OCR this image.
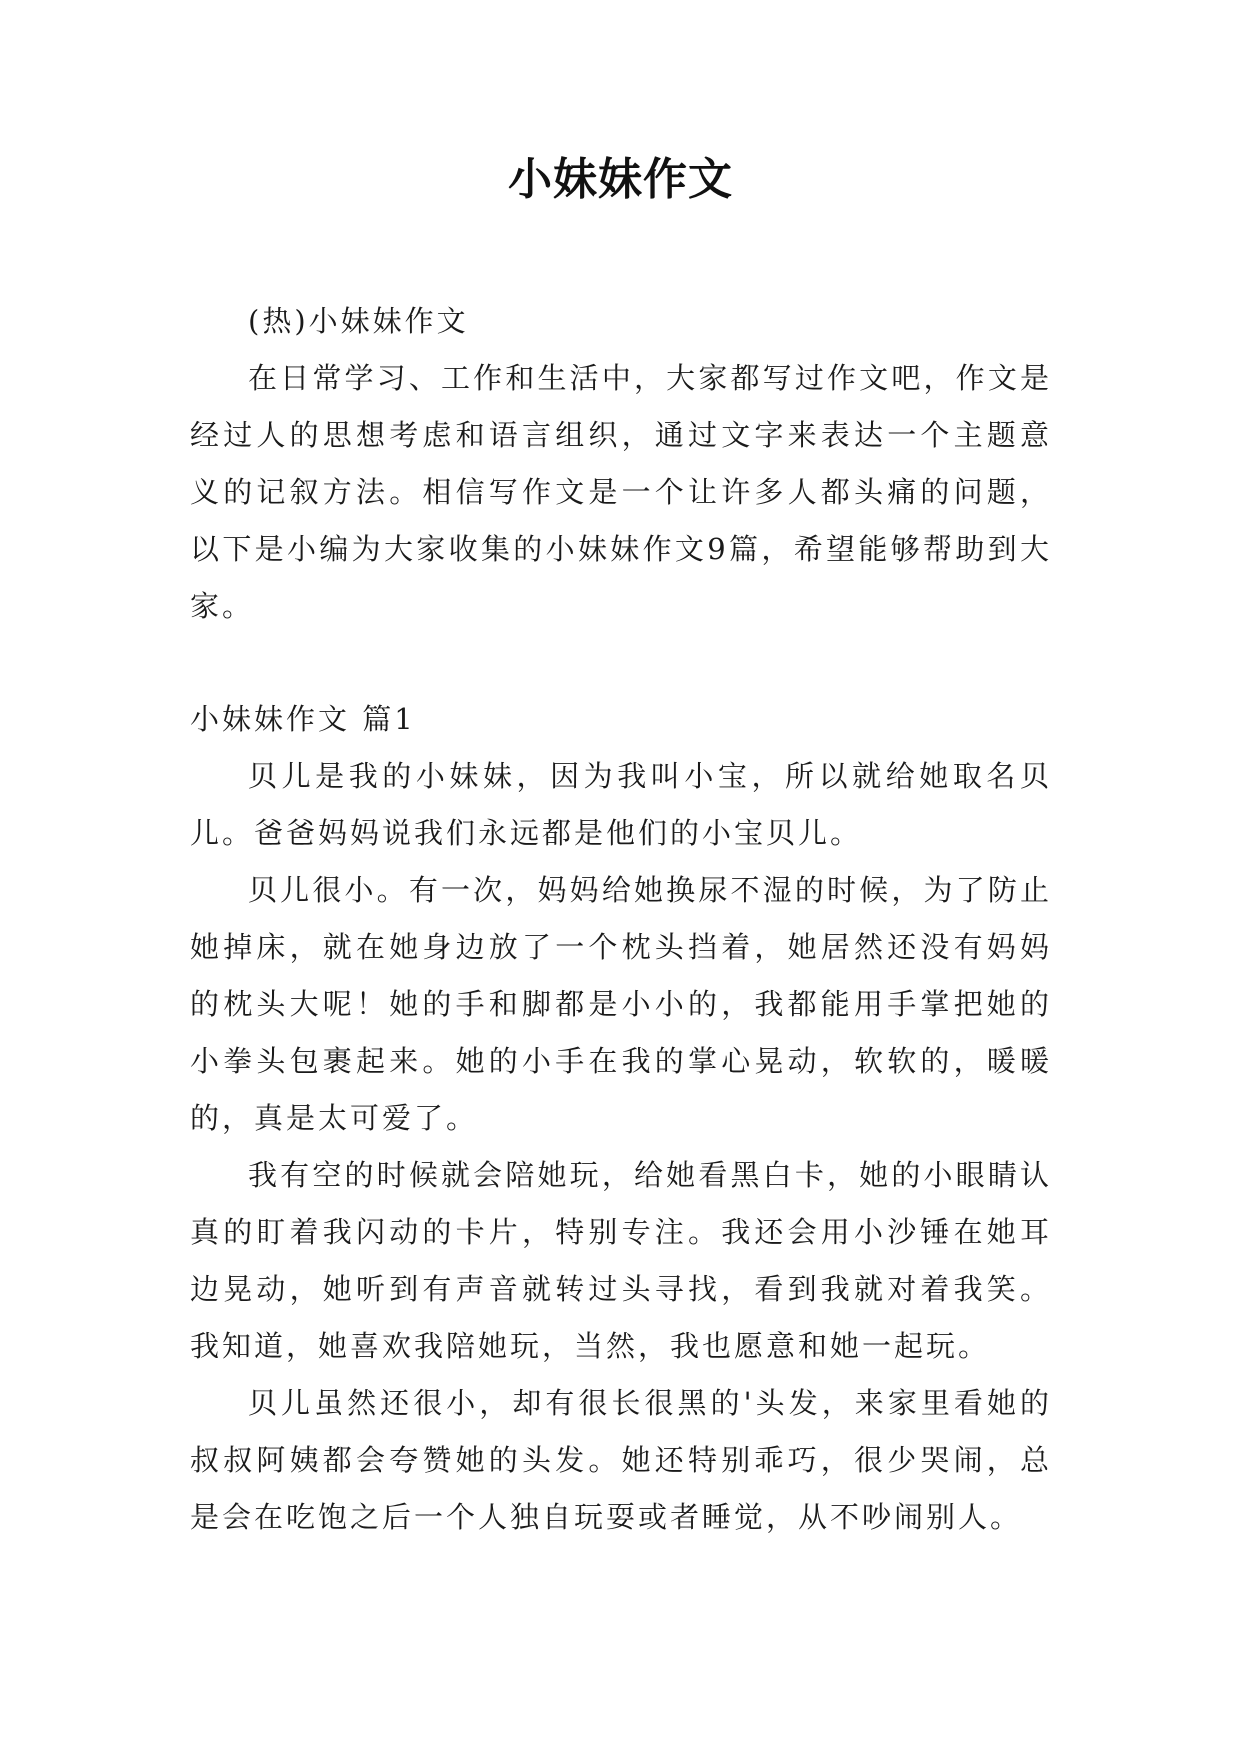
小妹妹作文

(热)小妹妹作文

在日常学习、工作和生活中，大家都写过作文吧，作文是经过人的思想考虑和语言组织，通过文字来表达一个主题意义的记叙方法。相信写作文是一个让许多人都头痛的问题，以下是小编为大家收集的小妹妹作文9篇，希望能够帮助到大家。

小妹妹作文 篇1

贝儿是我的小妹妹，因为我叫小宝，所以就给她取名贝儿。爸爸妈妈说我们永远都是他们的小宝贝儿。

贝儿很小。有一次，妈妈给她换尿不湿的时候，为了防止她掉床，就在她身边放了一个枕头挡着，她居然还没有妈妈的枕头大呢！她的手和脚都是小小的，我都能用手掌把她的小拳头包裹起来。她的小手在我的掌心晃动，软软的，暖暖的，真是太可爱了。

我有空的时候就会陪她玩，给她看黑白卡，她的小眼睛认真的盯着我闪动的卡片，特别专注。我还会用小沙锤在她耳边晃动，她听到有声音就转过头寻找，看到我就对着我笑。我知道，她喜欢我陪她玩，当然，我也愿意和她一起玩。

贝儿虽然还很小，却有很长很黑的'头发，来家里看她的叔叔阿姨都会夸赞她的头发。她还特别乖巧，很少哭闹，总是会在吃饱之后一个人独自玩耍或者睡觉，从不吵闹别人。
